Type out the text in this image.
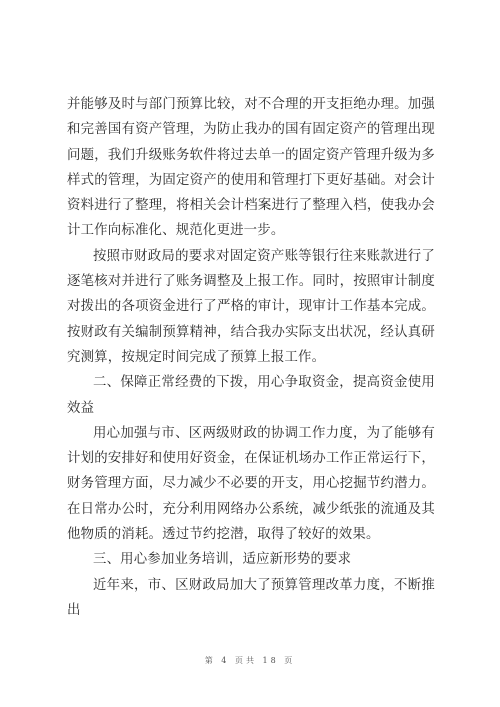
并能够及时与部门预算比较，对不合理的开支拒绝办理。加强和完善国有资产管理，为防止我办的国有固定资产的管理出现问题，我们升级账务软件将过去单一的固定资产管理升级为多样式的管理，为固定资产的使用和管理打下更好基础。对会计资料进行了整理，将相关会计档案进行了整理入档，使我办会计工作向标准化、规范化更进一步。

按照市财政局的要求对固定资产账等银行往来账款进行了逐笔核对并进行了账务调整及上报工作。同时，按照审计制度对拨出的各项资金进行了严格的审计，现审计工作基本完成。按财政有关编制预算精神，结合我办实际支出状况，经认真研究测算，按规定时间完成了预算上报工作。

二、保障正常经费的下拨，用心争取资金，提高资金使用效益

用心加强与市、区两级财政的协调工作力度，为了能够有计划的安排好和使用好资金，在保证机场办工作正常运行下，财务管理方面，尽力减少不必要的开支，用心挖掘节约潜力。在日常办公时，充分利用网络办公系统，减少纸张的流通及其他物质的消耗。透过节约挖潜，取得了较好的效果。

三、用心参加业务培训，适应新形势的要求

近年来，市、区财政局加大了预算管理改革力度，不断推出

第 4 页共 18 页
